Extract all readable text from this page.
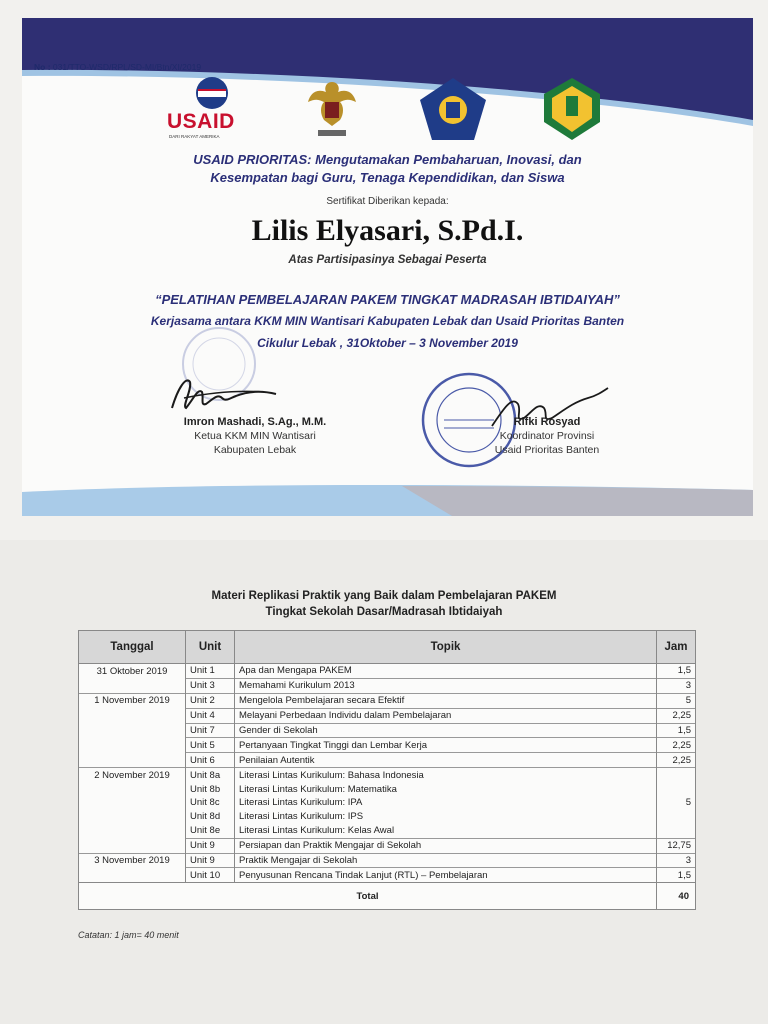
No : 031/TTO-WSD/RPL/SD-MI/Btn/XI/2019
USAID
DARI RAKYAT AMERIKA
USAID PRIORITAS: Mengutamakan Pembaharuan, Inovasi, dan
Kesempatan bagi Guru, Tenaga Kependidikan, dan Siswa
Sertifikat Diberikan kepada:
Lilis Elyasari, S.Pd.I.
Atas Partisipasinya Sebagai Peserta
“PELATIHAN PEMBELAJARAN PAKEM TINGKAT MADRASAH IBTIDAIYAH”
Kerjasama antara KKM MIN Wantisari Kabupaten Lebak dan Usaid Prioritas Banten
Cikulur Lebak , 31Oktober – 3 November 2019
Imron Mashadi, S.Ag., M.M.
Ketua KKM MIN Wantisari
Kabupaten Lebak
Rifki Rosyad
Koordinator Provinsi
Usaid Prioritas Banten
Materi Replikasi Praktik yang Baik dalam Pembelajaran PAKEM
Tingkat Sekolah Dasar/Madrasah Ibtidaiyah
Tanggal	Unit	Topik	Jam
31 Oktober 2019	Unit 1	Apa dan Mengapa PAKEM	1,5
	Unit 3	Memahami Kurikulum 2013	3
1 November 2019	Unit 2	Mengelola Pembelajaran secara Efektif	5
	Unit 4	Melayani Perbedaan Individu dalam Pembelajaran	2,25
	Unit 7	Gender di Sekolah	1,5
	Unit 5	Pertanyaan Tingkat Tinggi dan Lembar Kerja	2,25
	Unit 6	Penilaian Autentik	2,25
2 November 2019	Unit 8a	Literasi Lintas Kurikulum: Bahasa Indonesia	
	Unit 8b	Literasi Lintas Kurikulum: Matematika	
	Unit 8c	Literasi Lintas Kurikulum: IPA	5
	Unit 8d	Literasi Lintas Kurikulum: IPS	
	Unit 8e	Literasi Lintas Kurikulum: Kelas Awal	
	Unit 9	Persiapan dan Praktik Mengajar di Sekolah	12,75
3 November 2019	Unit 9	Praktik Mengajar di Sekolah	3
	Unit 10	Penyusunan Rencana Tindak Lanjut (RTL) – Pembelajaran	1,5
Total			40
Catatan: 1 jam= 40 menit
